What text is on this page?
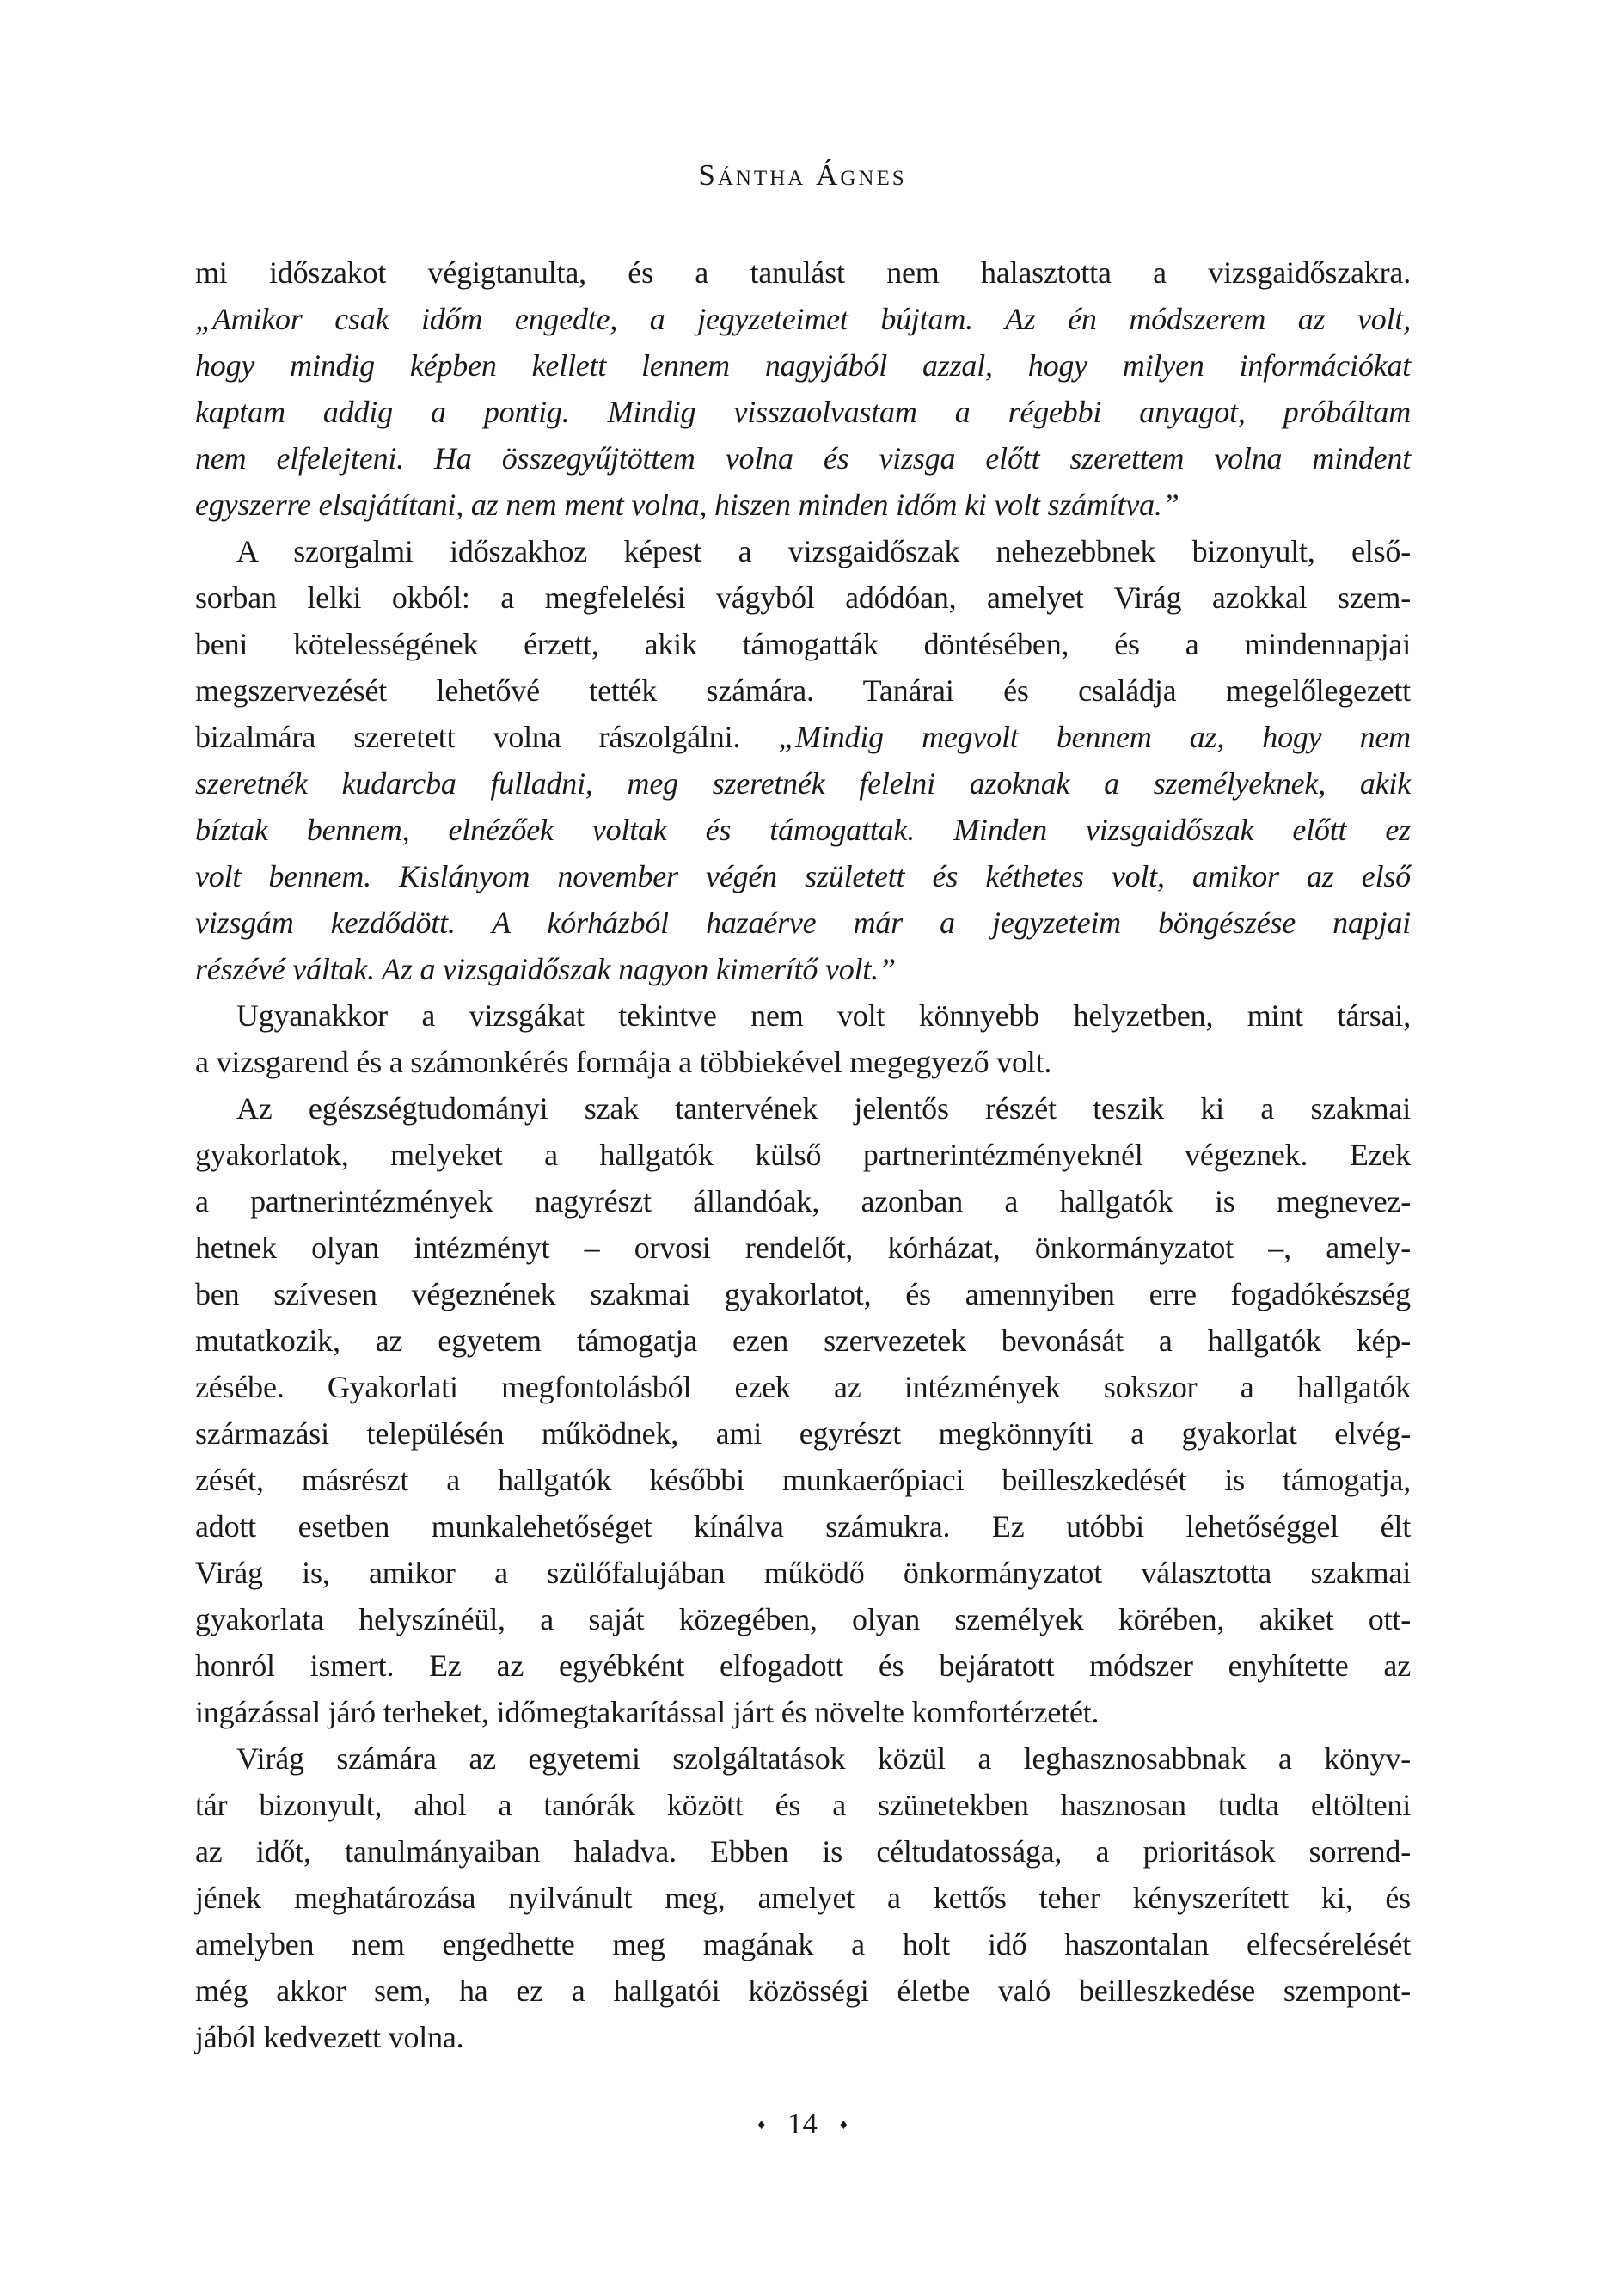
Sántha Ágnes
mi időszakot végigtanulta, és a tanulást nem halasztotta a vizsgaidőszakra.
„Amikor csak időm engedte, a jegyzeteimet bújtam. Az én módszerem az volt,
hogy mindig képben kellett lennem nagyjából azzal, hogy milyen információkat
kaptam addig a pontig. Mindig visszaolvastam a régebbi anyagot, próbáltam
nem elfelejteni. Ha összegyűjtöttem volna és vizsga előtt szerettem volna mindent
egyszerre elsajátítani, az nem ment volna, hiszen minden időm ki volt számítva.”
A szorgalmi időszakhoz képest a vizsgaidőszak nehezebbnek bizonyult, első-
sorban lelki okból: a megfelelési vágyból adódóan, amelyet Virág azokkal szem-
beni kötelességének érzett, akik támogatták döntésében, és a mindennapjai
megszervezését lehetővé tették számára. Tanárai és családja megelőlegezett
bizalmára szeretett volna rászolgálni. „Mindig megvolt bennem az, hogy nem
szeretnék kudarcba fulladni, meg szeretnék felelni azoknak a személyeknek, akik
bíztak bennem, elnézőek voltak és támogattak. Minden vizsgaidőszak előtt ez
volt bennem. Kislányom november végén született és kéthetes volt, amikor az első
vizsgám kezdődött. A kórházból hazaérve már a jegyzeteim böngészése napjai
részévé váltak. Az a vizsgaidőszak nagyon kimerítő volt.”
Ugyanakkor a vizsgákat tekintve nem volt könnyebb helyzetben, mint társai,
a vizsgarend és a számonkérés formája a többiekével megegyező volt.
Az egészségtudományi szak tantervének jelentős részét teszik ki a szakmai
gyakorlatok, melyeket a hallgatók külső partnerintézményeknél végeznek. Ezek
a partnerintézmények nagyrészt állandóak, azonban a hallgatók is megnevez-
hetnek olyan intézményt – orvosi rendelőt, kórházat, önkormányzatot –, amely-
ben szívesen végeznének szakmai gyakorlatot, és amennyiben erre fogadókészség
mutatkozik, az egyetem támogatja ezen szervezetek bevonását a hallgatók kép-
zésébe. Gyakorlati megfontolásból ezek az intézmények sokszor a hallgatók
származási településén működnek, ami egyrészt megkönnyíti a gyakorlat elvég-
zését, másrészt a hallgatók későbbi munkaerőpiaci beilleszkedését is támogatja,
adott esetben munkalehetőséget kínálva számukra. Ez utóbbi lehetőséggel élt
Virág is, amikor a szülőfalujában működő önkormányzatot választotta szakmai
gyakorlata helyszínéül, a saját közegében, olyan személyek körében, akiket ott-
honról ismert. Ez az egyébként elfogadott és bejáratott módszer enyhítette az
ingázással járó terheket, időmegtakarítással járt és növelte komfortérzetét.
Virág számára az egyetemi szolgáltatások közül a leghasznosabbnak a könyv-
tár bizonyult, ahol a tanórák között és a szünetekben hasznosan tudta eltölteni
az időt, tanulmányaiban haladva. Ebben is céltudatossága, a prioritások sorrend-
jének meghatározása nyilvánult meg, amelyet a kettős teher kényszerített ki, és
amelyben nem engedhette meg magának a holt idő haszontalan elfecsérelését
még akkor sem, ha ez a hallgatói közösségi életbe való beilleszkedése szempont-
jából kedvezett volna.
♦ 14 ♦
